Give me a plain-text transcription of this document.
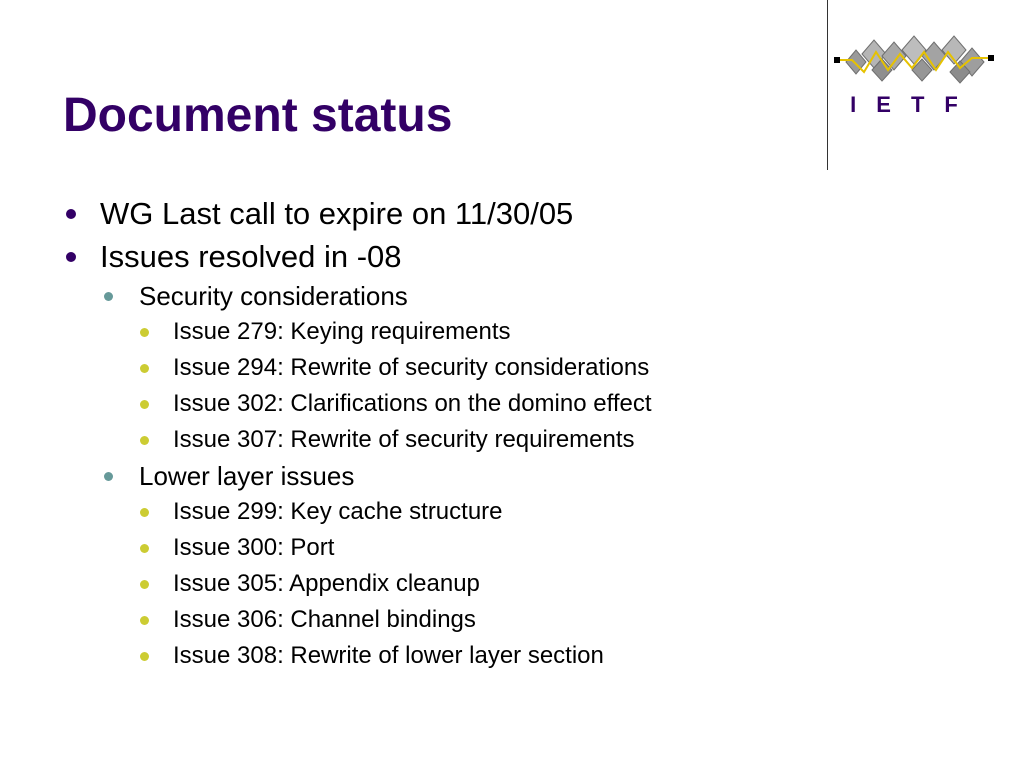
Document status	IETF
WG Last call to expire on 11/30/05
Issues resolved in -08
Security considerations
Issue 279: Keying requirements
Issue 294: Rewrite of security considerations
Issue 302: Clarifications on the domino effect
Issue 307: Rewrite of security requirements
Lower layer issues
Issue 299: Key cache structure
Issue 300: Port
Issue 305: Appendix cleanup
Issue 306: Channel bindings
Issue 308: Rewrite of lower layer section
